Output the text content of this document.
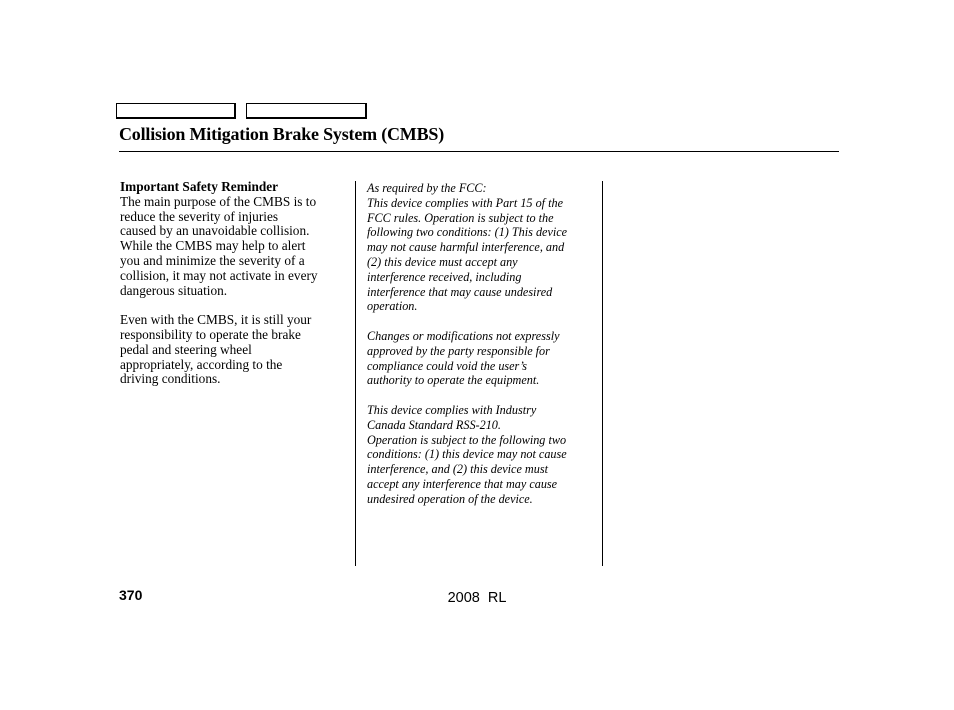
Collision Mitigation Brake System (CMBS)

Important Safety Reminder

The main purpose of the CMBS is to

reduce the severity of injuries

caused by an unavoidable collision.

While the CMBS may help to alert

you and minimize the severity of a

collision, it may not activate in every

dangerous situation.

Even with the CMBS, it is still your

responsibility to operate the brake

pedal and steering wheel

appropriately, according to the

driving conditions.

As required by the FCC:

This device complies with Part 15 of the

FCC rules. Operation is subject to the

following two conditions: (1) This device

may not cause harmful interference, and

(2) this device must accept any

interference received, including

interference that may cause undesired

operation.

Changes or modifications not expressly

approved by the party responsible for

compliance could void the user’s

authority to operate the equipment.

This device complies with Industry

Canada Standard RSS-210.

Operation is subject to the following two

conditions: (1) this device may not cause

interference, and (2) this device must

accept any interference that may cause

undesired operation of the device.

370	2008  RL
